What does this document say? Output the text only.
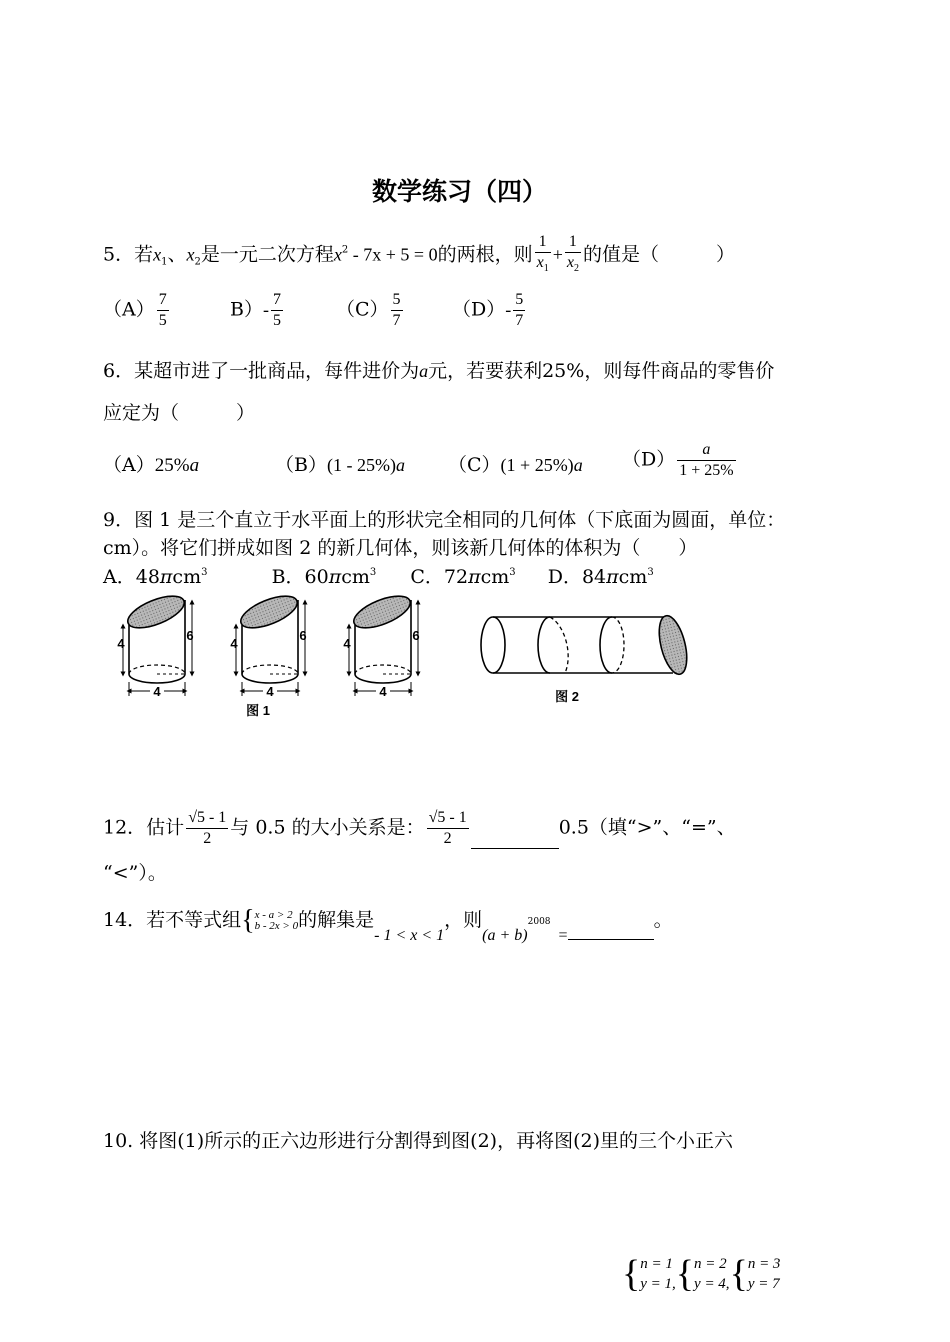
数学练习（四）
5．若$x_1$、$x_2$是一元二次方程$x^2 - 7x + 5 = 0$的两根，则 $\frac{1}{x_1} + \frac{1}{x_2}$ 的值是（　　　）
$(A) \frac{7}{5}$	$B)- \frac{7}{5}$	$(C) \frac{5}{7}$	$(D)- \frac{5}{7}$
6．某超市进了一批商品，每件进价为a元，若要获利25%，则每件商品的零售价
应定为（　　　）
（A）25%a	（B）(1 - 25%)a （C）(1 + 25%)a $(D) \frac{a}{1 + 25\%}$
9．图 1 是三个直立于水平面上的形状完全相同的几何体（下底面为圆面，单位：
cm）。将它们拼成如图 2 的新几何体，则该新几何体的体积为（　　）
A．48πcm$^3$	B．60πcm$^3$ C．72πcm$^3$ D．84πcm$^3$
4
6
4
4
6
4
4
6
4
图 1
图 2
12．估计 $\frac{√5 - 1}{2}$ 与 0.5 的大小关系是： $\frac{√5 - 1}{2}$	0.5（填“>”、“=”、
“<”）。
14．若不等式组{ x - a > 2
b - 2x > 0 的解集是$_{- 1 < x < 1}$，则$_{(a + b)}^{2008}_=$。
10. 将图(1)所示的正六边形进行分割得到图(2)，再将图(2)里的三个小正六
{ n = 1
y = 1, { n = 2
y = 4, { n = 3
y = 7
